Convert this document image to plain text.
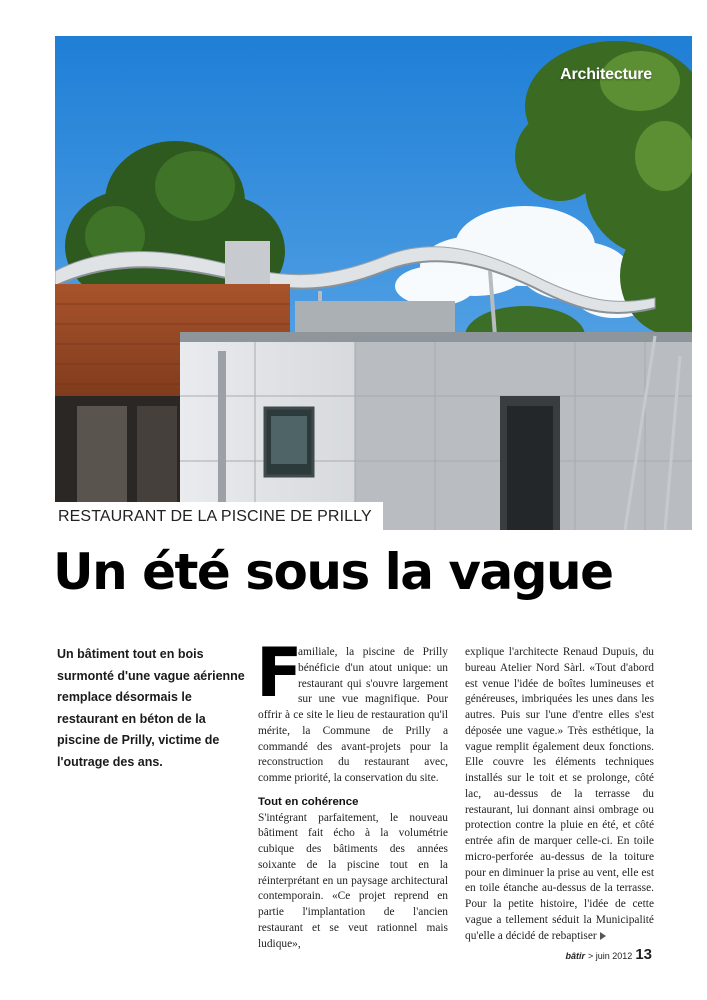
Architecture
RESTAURANT DE LA PISCINE DE PRILLY
Un été sous la vague

Un bâtiment tout en bois surmonté d'une vague aérienne remplace désormais le restaurant en béton de la piscine de Prilly, victime de l'outrage des ans.

F
amiliale, la piscine de Prilly bénéficie d'un atout unique: un restaurant qui s'ouvre largement sur une vue magnifique. Pour offrir à ce site le lieu de restauration qu'il mérite, la Commune de Prilly a commandé des avant-projets pour la reconstruction du restaurant avec, comme priorité, la conservation du site.

Tout en cohérence

S'intégrant parfaitement, le nouveau bâtiment fait écho à la volumétrie cubique des bâtiments des années soixante de la piscine tout en la réinterprétant en un paysage architectural contemporain. «Ce projet reprend en partie l'implantation de l'ancien restaurant et se veut rationnel mais ludique»,

explique l'architecte Renaud Dupuis, du bureau Atelier Nord Sàrl. «Tout d'abord est venue l'idée de boîtes lumineuses et généreuses, imbriquées les unes dans les autres. Puis sur l'une d'entre elles s'est déposée une vague.» Très esthétique, la vague remplit également deux fonctions. Elle couvre les éléments techniques installés sur le toit et se prolonge, côté lac, au-dessus de la terrasse du restaurant, lui donnant ainsi ombrage ou protection contre la pluie en été, et côté entrée afin de marquer celle-ci. En toile micro-perforée au-dessus de la toiture pour en diminuer la prise au vent, elle est en toile étanche au-dessus de la terrasse. Pour la petite histoire, l'idée de cette vague a tellement séduit la Municipalité qu'elle a décidé de rebaptiser

bâtir > juin 2012 13
